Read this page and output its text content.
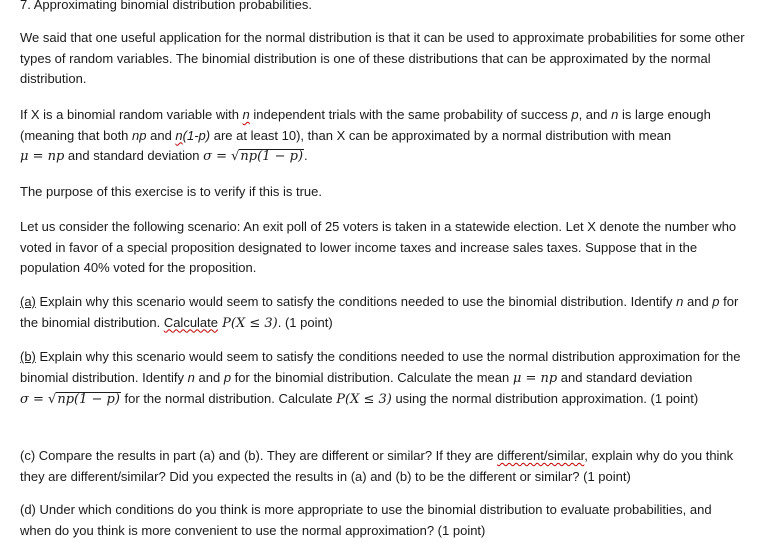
7. Approximating binomial distribution probabilities.

We said that one useful application for the normal distribution is that it can be used to approximate probabilities for some other types of random variables. The binomial distribution is one of these distributions that can be approximated by the normal distribution.

If X is a binomial random variable with n independent trials with the same probability of success p, and n is large enough (meaning that both np and n(1-p) are at least 10), than X can be approximated by a normal distribution with mean
μ = np and standard deviation σ = √np(1 − p).

The purpose of this exercise is to verify if this is true.

Let us consider the following scenario: An exit poll of 25 voters is taken in a statewide election. Let X denote the number who voted in favor of a special proposition designated to lower income taxes and increase sales taxes. Suppose that in the population 40% voted for the proposition.

(a) Explain why this scenario would seem to satisfy the conditions needed to use the binomial distribution. Identify n and p for the binomial distribution. Calculate P(X ≤ 3). (1 point)

(b) Explain why this scenario would seem to satisfy the conditions needed to use the normal distribution approximation for the binomial distribution. Identify n and p for the binomial distribution. Calculate the mean μ = np and standard deviation
σ = √np(1 − p) for the normal distribution. Calculate P(X ≤ 3) using the normal distribution approximation. (1 point)

(c) Compare the results in part (a) and (b). They are different or similar? If they are different/similar, explain why do you think they are different/similar? Did you expected the results in (a) and (b) to be the different or similar? (1 point)

(d) Under which conditions do you think is more appropriate to use the binomial distribution to evaluate probabilities, and when do you think is more convenient to use the normal approximation? (1 point)
